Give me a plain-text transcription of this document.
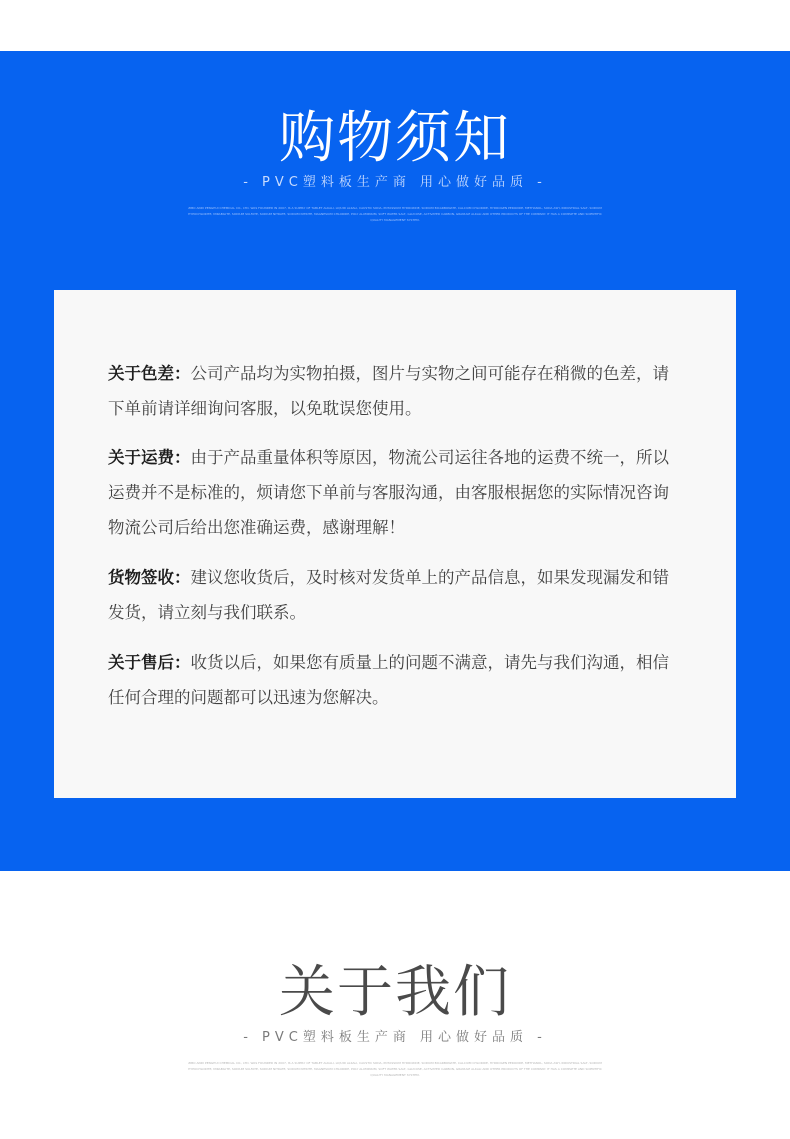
购物须知
- PVC塑料板生产商 用心做好品质 -
ZIBO ANDI PENGHUI CHEMICAL CO., LTD. WAS FOUNDED IN 2007, IS A SUPPLY OF TABLET ALKALI, LIQUID ALKALI, CAUSTIC SODA, POTASSIUM HYDROXIDE, SODIUM BICARBONATE, CALCIUM CHLORIDE, HYDROGEN PEROXIDE, METHANOL, SODA ASH, INDUSTRIAL SALT, SODIUM HYPOCHLORITE, MIRABILITE, SODIUM SULFATE, SODIUM NITRATE, SODIUM NITRITE, MAGNESIUM CHLORIDE, POLY ALUMINIUM, SOFT WATER SALT, GLUCOSE, ACTIVATED CARBON, GRANULE ALKALI AND OTHER PRODUCTS OF THE COMPANY. IT HAS A COMPLETE AND SCIENTIFIC QUALITY MANAGEMENT SYSTEM.

关于色差：公司产品均为实物拍摄，图片与实物之间可能存在稍微的色差，请下单前请详细询问客服，以免耽误您使用。

关于运费：由于产品重量体积等原因，物流公司运往各地的运费不统一，所以运费并不是标准的，烦请您下单前与客服沟通，由客服根据您的实际情况咨询物流公司后给出您准确运费，感谢理解！

货物签收：建议您收货后，及时核对发货单上的产品信息，如果发现漏发和错发货，请立刻与我们联系。

关于售后：收货以后，如果您有质量上的问题不满意，请先与我们沟通，相信任何合理的问题都可以迅速为您解决。

关于我们
- PVC塑料板生产商 用心做好品质 -
ZIBO ANDI PENGHUI CHEMICAL CO., LTD. WAS FOUNDED IN 2007, IS A SUPPLY OF TABLET ALKALI, LIQUID ALKALI, CAUSTIC SODA, POTASSIUM HYDROXIDE, SODIUM BICARBONATE, CALCIUM CHLORIDE, HYDROGEN PEROXIDE, METHANOL, SODA ASH, INDUSTRIAL SALT, SODIUM HYPOCHLORITE, MIRABILITE, SODIUM SULFATE, SODIUM NITRATE, SODIUM NITRITE, MAGNESIUM CHLORIDE, POLY ALUMINIUM, SOFT WATER SALT, GLUCOSE, ACTIVATED CARBON, GRANULE ALKALI AND OTHER PRODUCTS OF THE COMPANY. IT HAS A COMPLETE AND SCIENTIFIC QUALITY MANAGEMENT SYSTEM.
